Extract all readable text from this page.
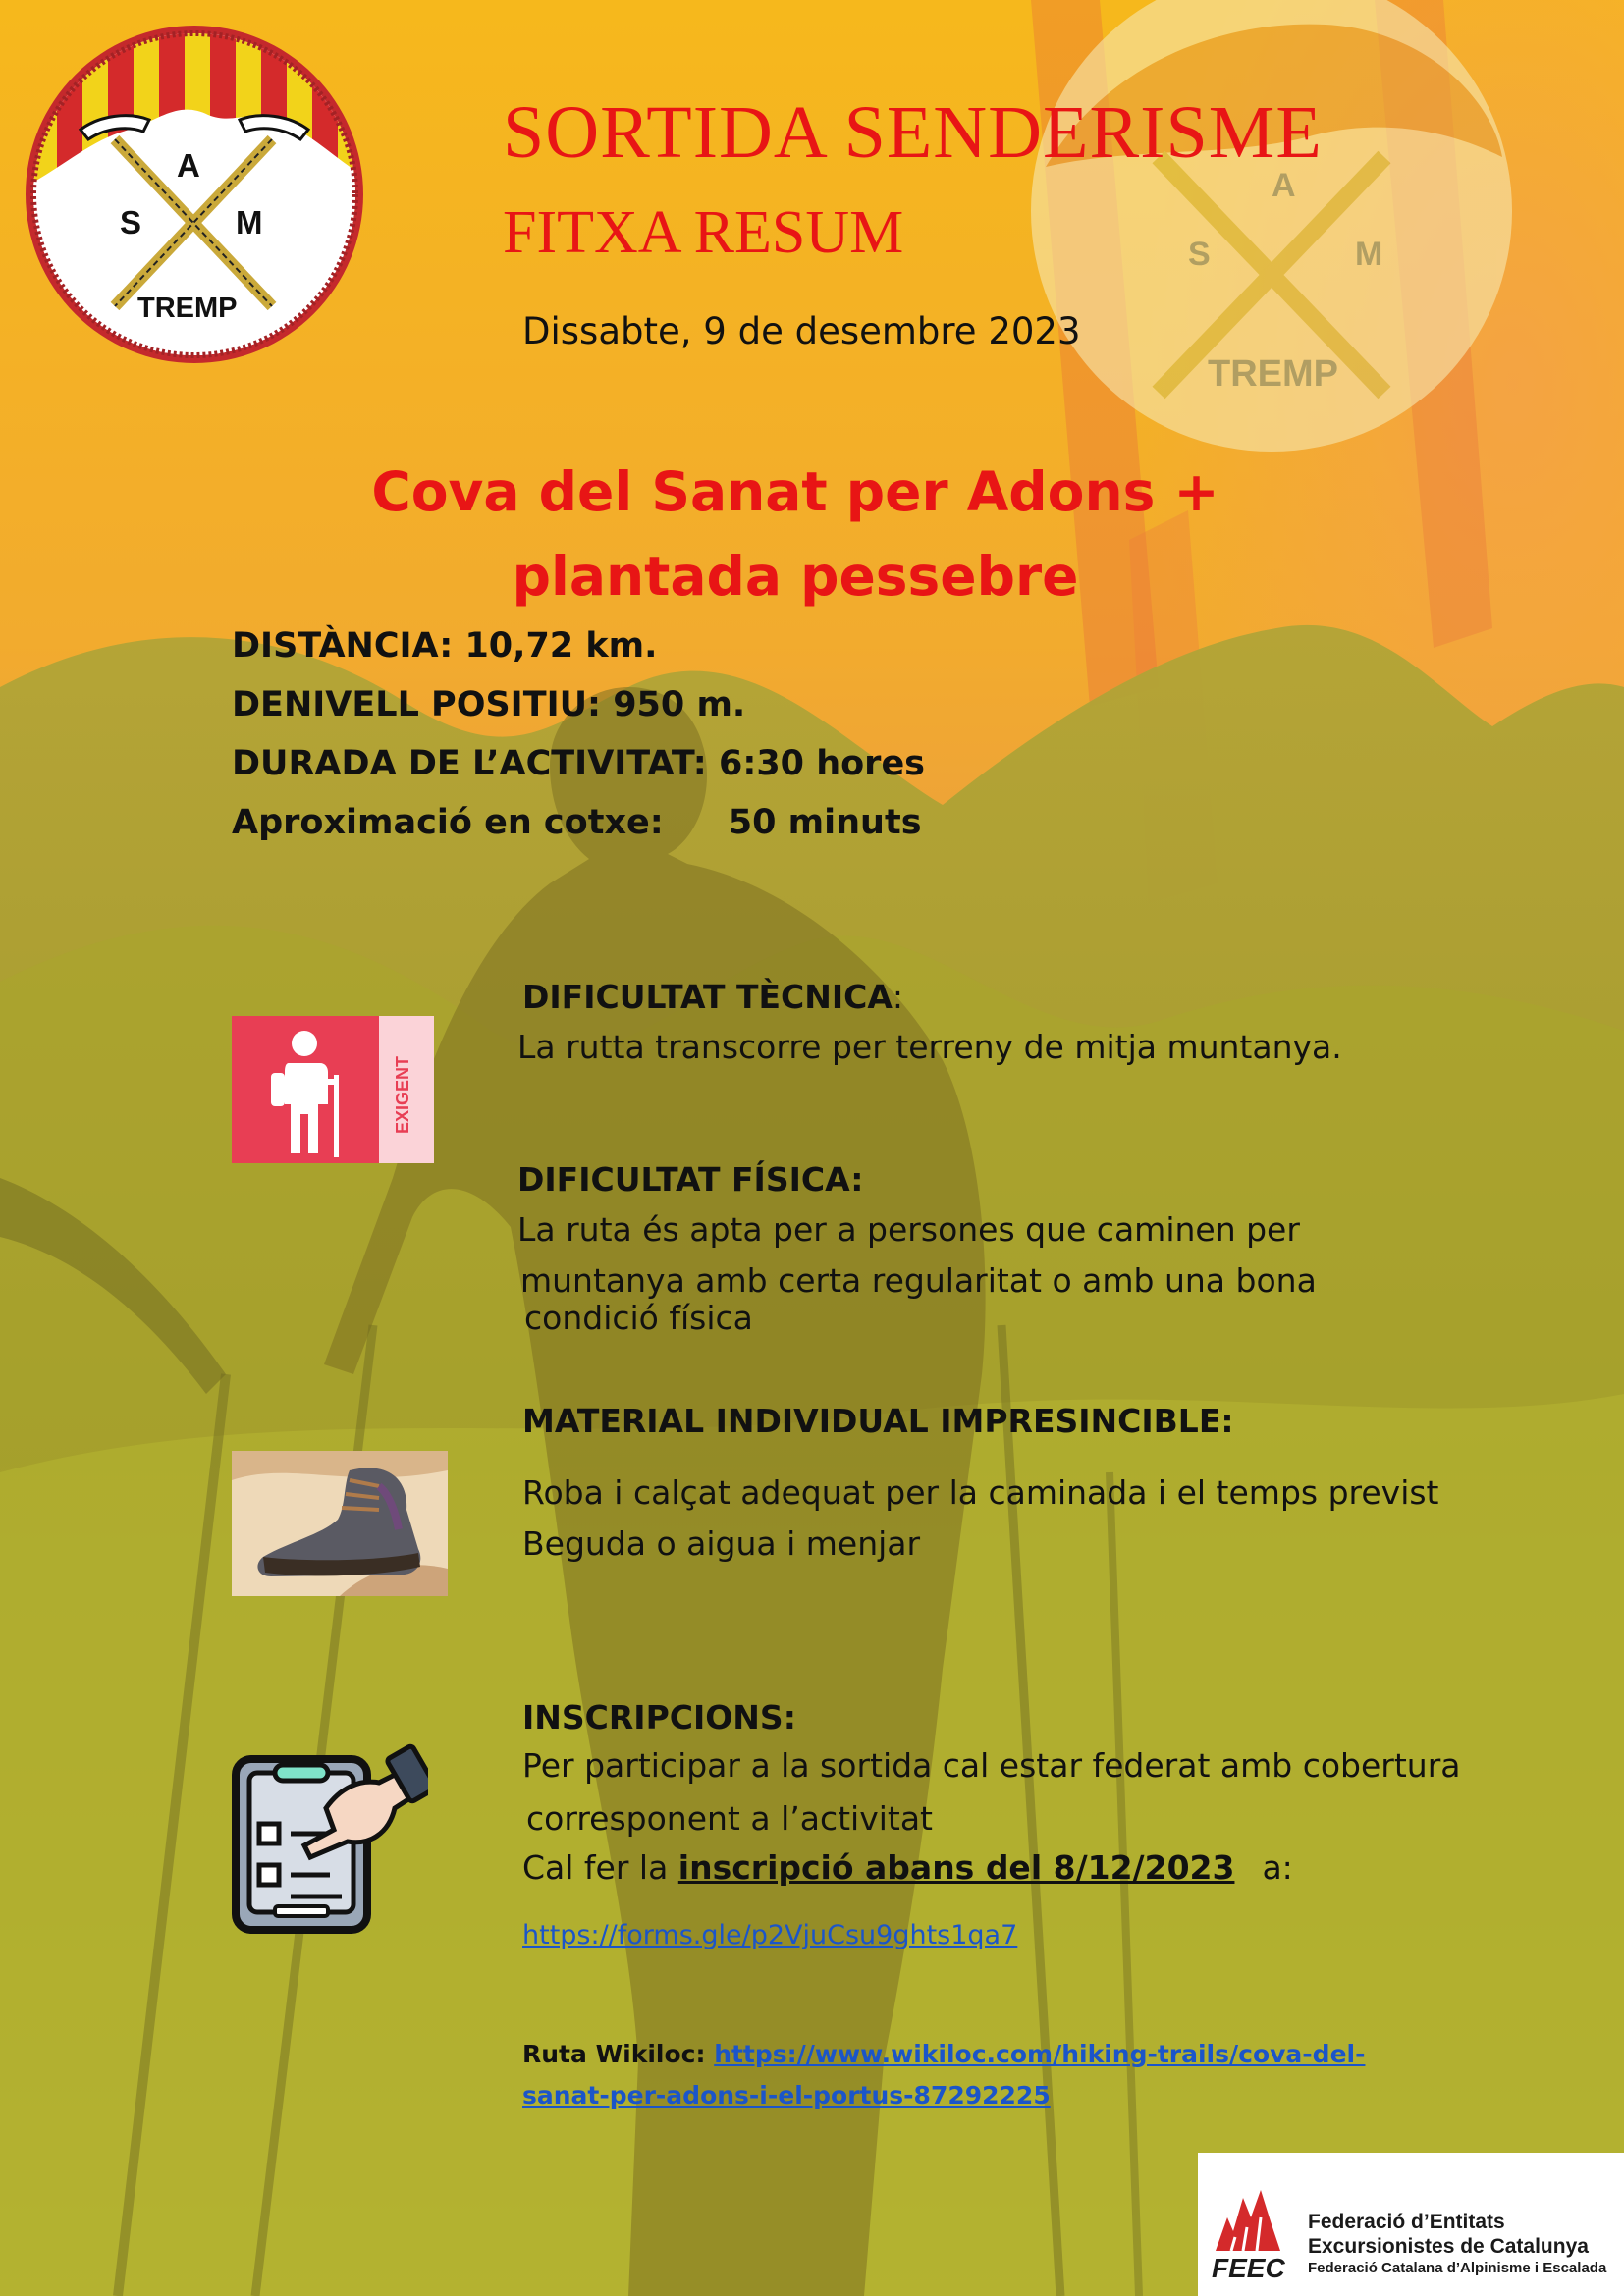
A
S	M
TREMP
A
S	M
TREMP
SORTIDA SENDERISME
FITXA RESUM
Dissabte, 9 de desembre 2023
Cova del Sanat per Adons + plantada pessebre
DISTÀNCIA: 10,72 km.
DENIVELL POSITIU: 950 m.
DURADA DE L’ACTIVITAT: 6:30 hores
Aproximació en cotxe: 50 minuts
EXIGENT
DIFICULTAT TÈCNICA:
La rutta transcorre per terreny de mitja muntanya.
DIFICULTAT FÍSICA:
La ruta és apta per a persones que caminen per
muntanya amb certa regularitat o amb una bona
condició física
MATERIAL INDIVIDUAL IMPRESINCIBLE:
Roba i calçat adequat per la caminada i el temps previst
Beguda o aigua i menjar
INSCRIPCIONS:
Per participar a la sortida cal estar federat amb cobertura
corresponent a l’activitat
Cal fer la inscripció abans del 8/12/2023 a:
https://forms.gle/p2VjuCsu9ghts1qa7
Ruta Wikiloc: https://www.wikiloc.com/hiking-trails/cova-del-
sanat-per-adons-i-el-portus-87292225
FEEC
Federació d’Entitats
Excursionistes de Catalunya
Federació Catalana d’Alpinisme i Escalada
